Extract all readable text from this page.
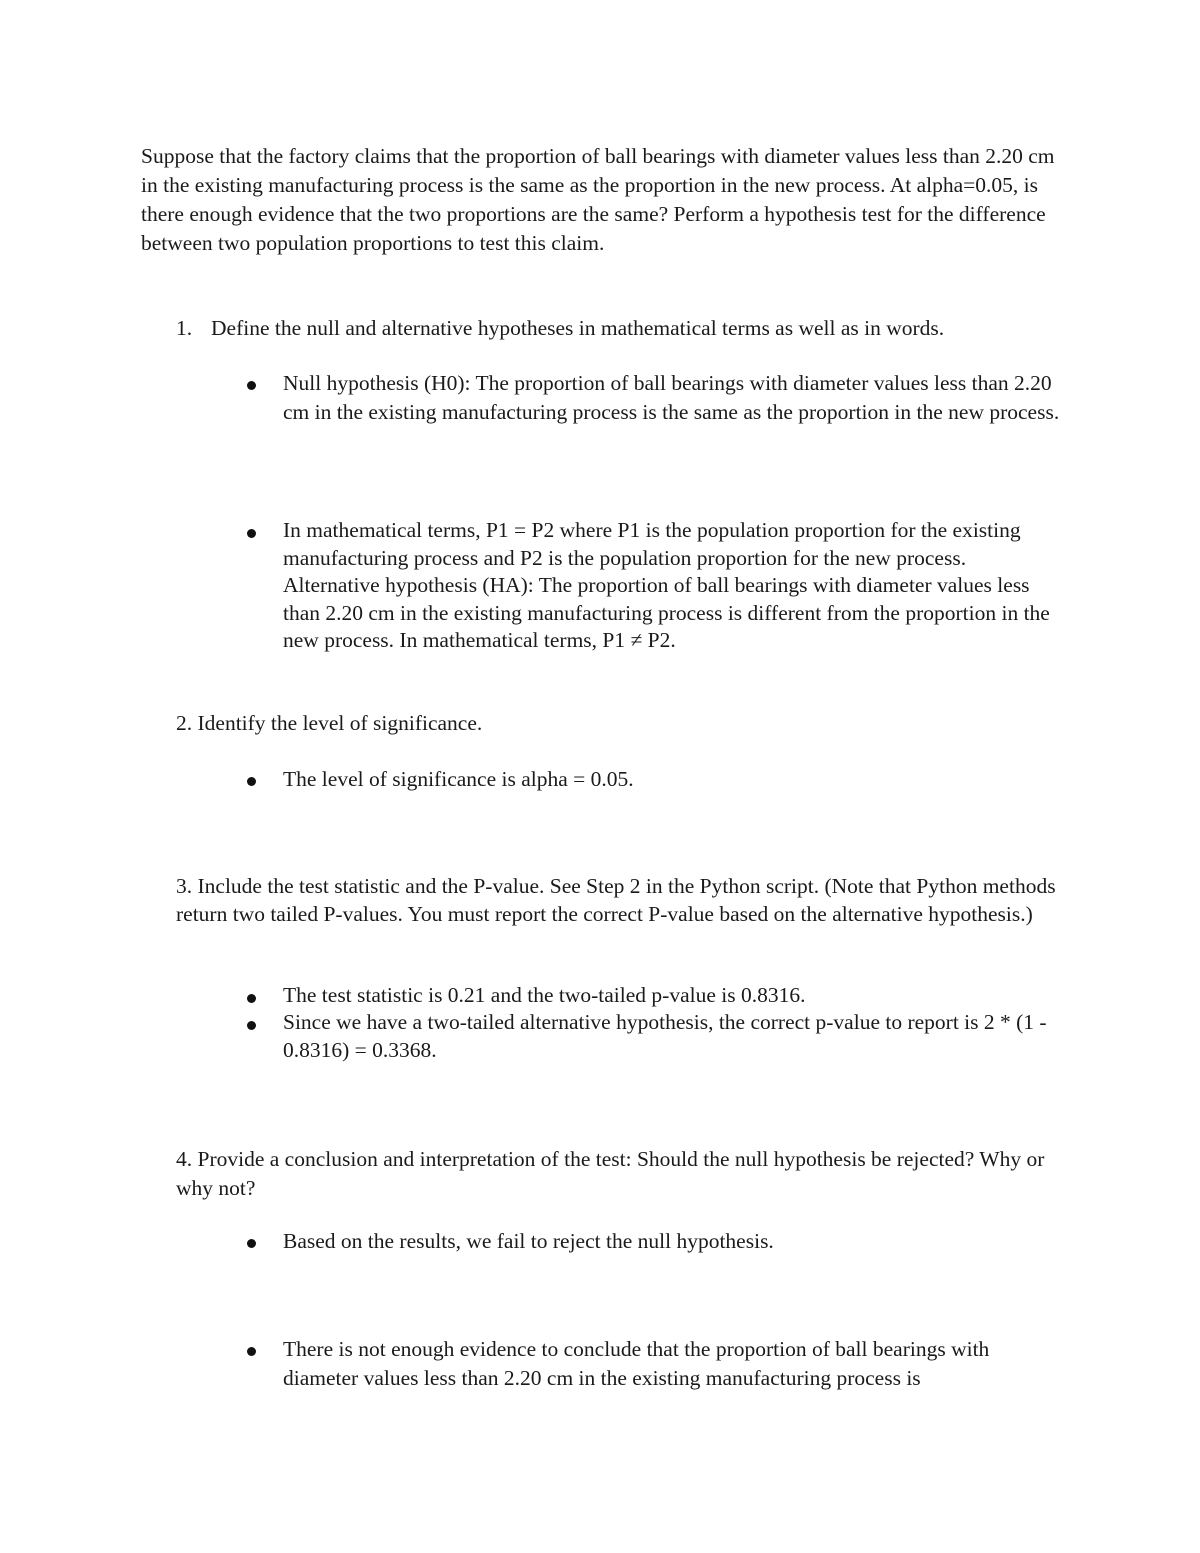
Suppose that the factory claims that the proportion of ball bearings with diameter values less than 2.20 cm in the existing manufacturing process is the same as the proportion in the new process. At alpha=0.05, is there enough evidence that the two proportions are the same? Perform a hypothesis test for the difference between two population proportions to test this claim.

1. Define the null and alternative hypotheses in mathematical terms as well as in words.
Null hypothesis (H0): The proportion of ball bearings with diameter values less than 2.20 cm in the existing manufacturing process is the same as the proportion in the new process.
In mathematical terms, P1 = P2 where P1 is the population proportion for the existing manufacturing process and P2 is the population proportion for the new process. Alternative hypothesis (HA): The proportion of ball bearings with diameter values less than 2.20 cm in the existing manufacturing process is different from the proportion in the new process. In mathematical terms, P1 ≠ P2.
2. Identify the level of significance.
The level of significance is alpha = 0.05.
3. Include the test statistic and the P-value. See Step 2 in the Python script. (Note that Python methods return two tailed P-values. You must report the correct P-value based on the alternative hypothesis.)
The test statistic is 0.21 and the two-tailed p-value is 0.8316.
Since we have a two-tailed alternative hypothesis, the correct p-value to report is 2 * (1 - 0.8316) = 0.3368.
4. Provide a conclusion and interpretation of the test: Should the null hypothesis be rejected? Why or why not?
Based on the results, we fail to reject the null hypothesis.
There is not enough evidence to conclude that the proportion of ball bearings with diameter values less than 2.20 cm in the existing manufacturing process is
